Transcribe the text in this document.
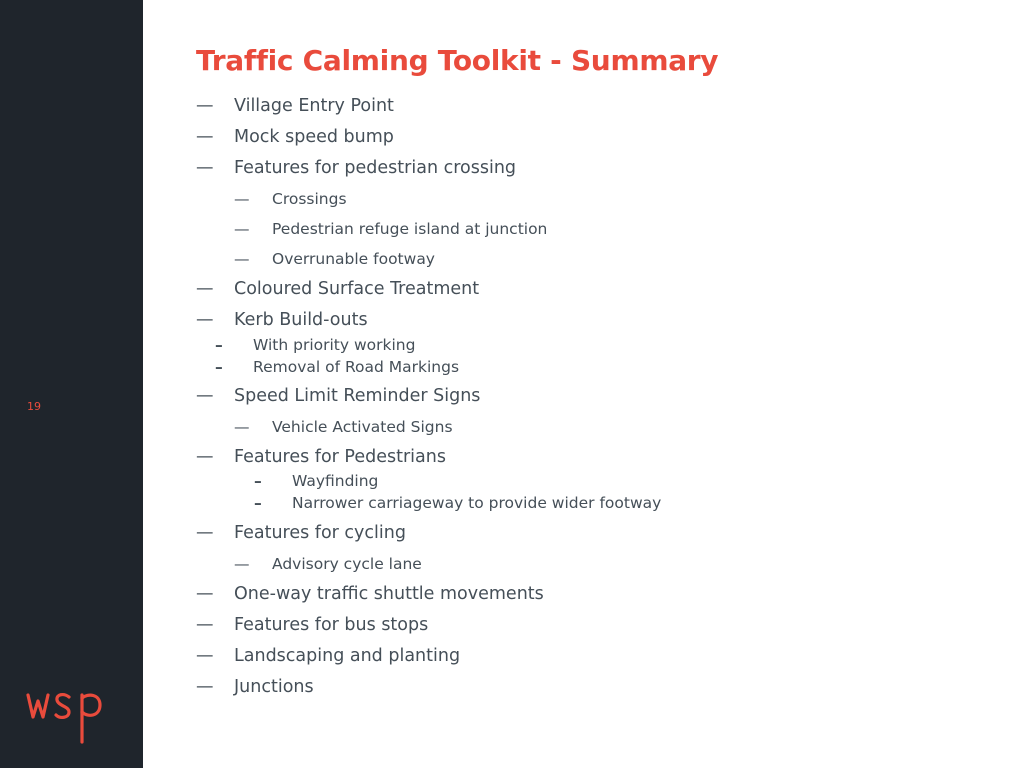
19
Traffic Calming Toolkit - Summary
— Village Entry Point
— Mock speed bump
— Features for pedestrian crossing
— Crossings
— Pedestrian refuge island at junction
— Overrunable footway
— Coloured Surface Treatment
— Kerb Build-outs
– With priority working
– Removal of Road Markings
— Speed Limit Reminder Signs
— Vehicle Activated Signs
— Features for Pedestrians
– Wayfinding
– Narrower carriageway to provide wider footway
— Features for cycling
— Advisory cycle lane
— One-way traffic shuttle movements
— Features for bus stops
— Landscaping and planting
— Junctions
